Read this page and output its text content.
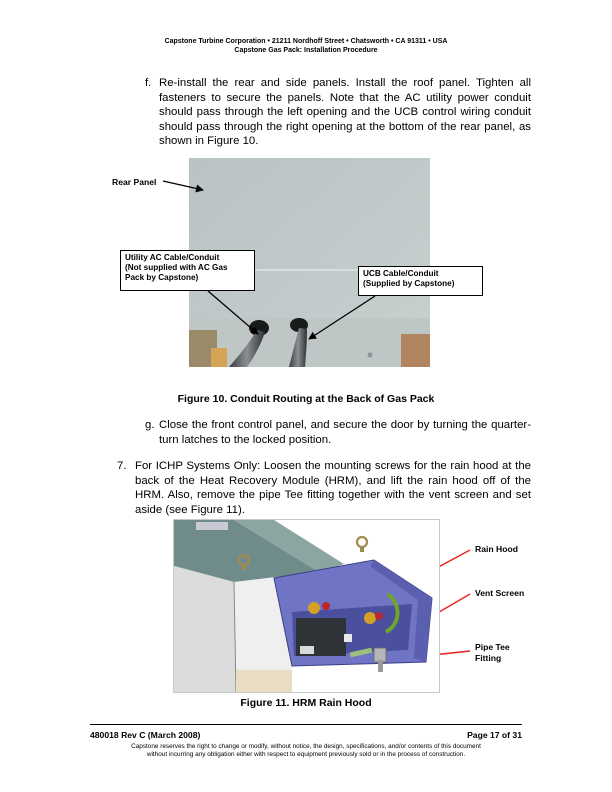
Capstone Turbine Corporation • 21211 Nordhoff Street • Chatsworth • CA 91311 • USA
Capstone Gas Pack: Installation Procedure
f. Re-install the rear and side panels. Install the roof panel. Tighten all fasteners to secure the panels. Note that the AC utility power conduit should pass through the left opening and the UCB control wiring conduit should pass through the right opening at the bottom of the rear panel, as shown in Figure 10.
Rear Panel
Utility AC Cable/Conduit
(Not supplied with AC Gas
Pack by Capstone)	UCB Cable/Conduit
(Supplied by Capstone)
Figure 10. Conduit Routing at the Back of Gas Pack
g. Close the front control panel, and secure the door by turning the quarter-turn latches to the locked position.
7. For ICHP Systems Only: Loosen the mounting screws for the rain hood at the back of the Heat Recovery Module (HRM), and lift the rain hood off of the HRM. Also, remove the pipe Tee fitting together with the vent screen and set aside (see Figure 11).
Rain Hood
Vent Screen
Pipe Tee
Fitting
Figure 11. HRM Rain Hood
480018 Rev C (March 2008)	Page 17 of 31
Capstone reserves the right to change or modify, without notice, the design, specifications, and/or contents of this document
without incurring any obligation either with respect to equipment previously sold or in the process of construction.
